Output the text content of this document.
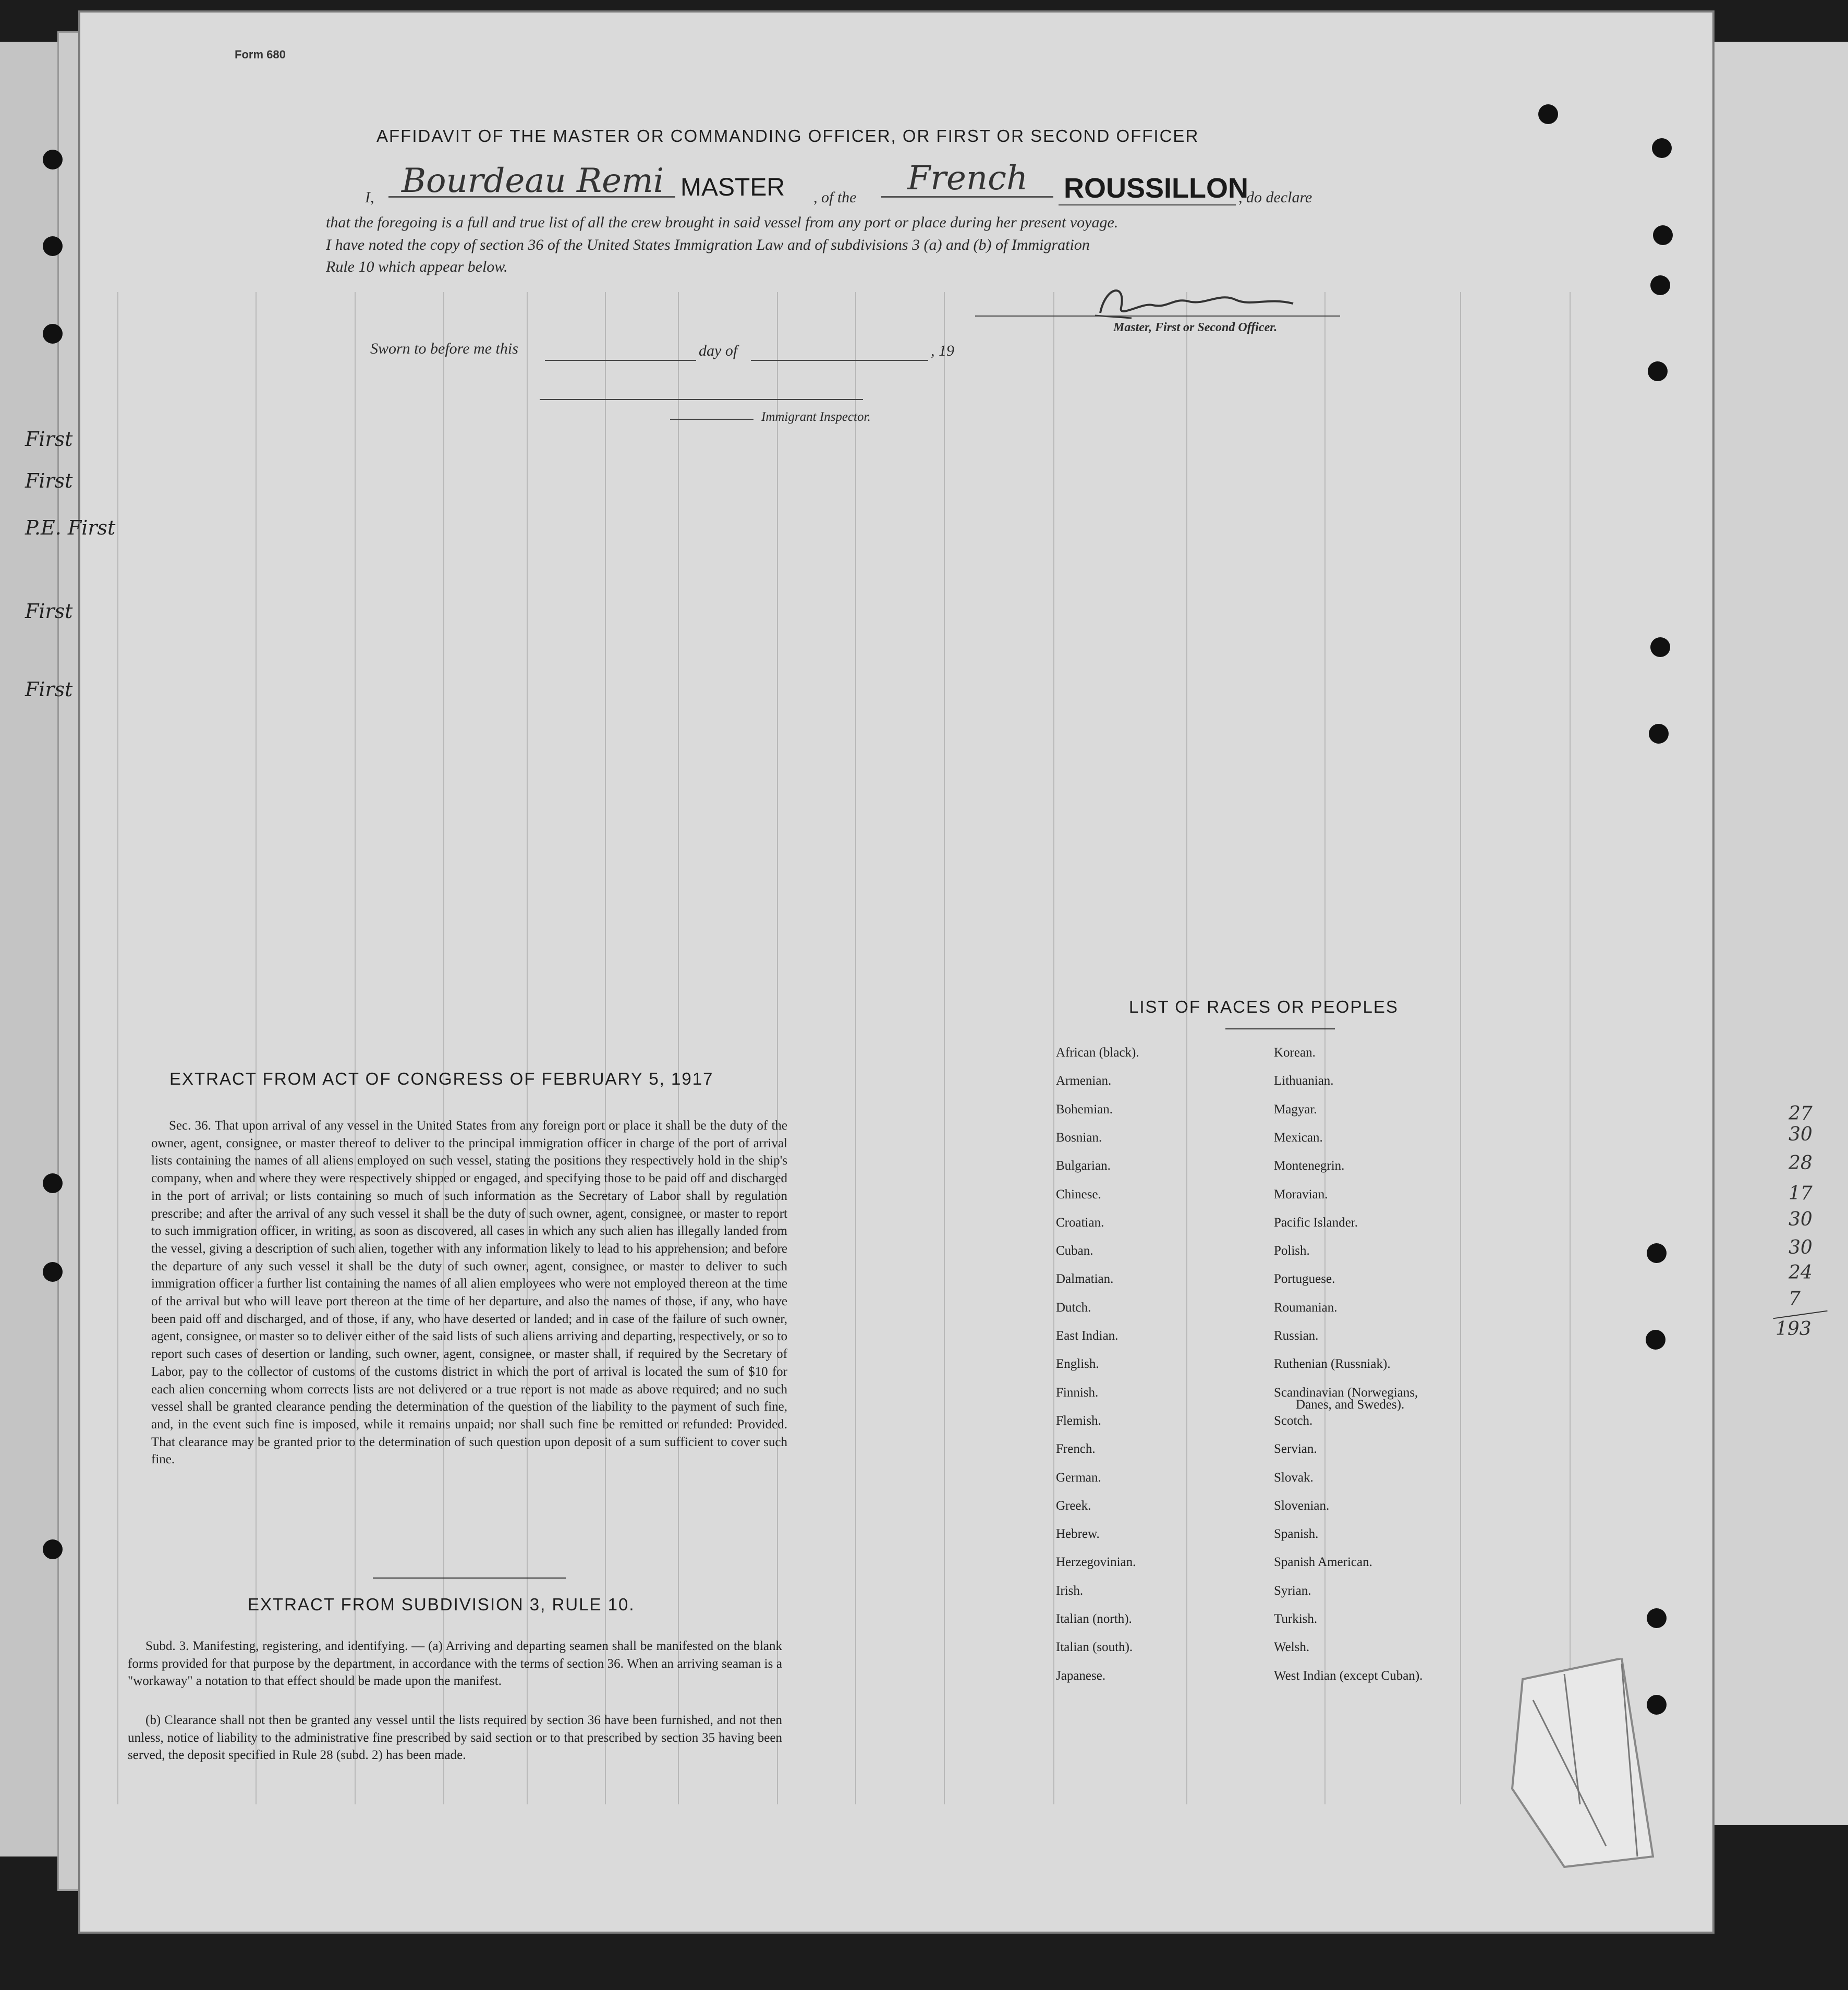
Form 680
AFFIDAVIT OF THE MASTER OR COMMANDING OFFICER, OR FIRST OR SECOND OFFICER
I, Bourdeau Remi MASTER , of the French ROUSSILLON
, do declare
that the foregoing is a full and true list of all the crew brought in said vessel from any port or place during her present voyage.
I have noted the copy of section 36 of the United States Immigration Law and of subdivisions 3 (a) and (b) of Immigration
Rule 10 which appear below.
Master, First or Second Officer.
Sworn to before me this	day of	, 19
Immigrant Inspector.
EXTRACT FROM ACT OF CONGRESS OF FEBRUARY 5, 1917
Sec. 36. That upon arrival of any vessel in the United States from any foreign port or place it shall be the duty of the owner, agent, consignee, or master thereof to deliver to the principal immigration officer in charge of the port of arrival lists containing the names of all aliens employed on such vessel, stating the positions they respectively hold in the ship's company, when and where they were respectively shipped or engaged, and specifying those to be paid off and discharged in the port of arrival; or lists containing so much of such information as the Secretary of Labor shall by regulation prescribe; and after the arrival of any such vessel it shall be the duty of such owner, agent, consignee, or master to report to such immigration officer, in writing, as soon as discovered, all cases in which any such alien has illegally landed from the vessel, giving a description of such alien, together with any information likely to lead to his apprehension; and before the departure of any such vessel it shall be the duty of such owner, agent, consignee, or master to deliver to such immigration officer a further list containing the names of all alien employees who were not employed thereon at the time of the arrival but who will leave port thereon at the time of her departure, and also the names of those, if any, who have been paid off and discharged, and of those, if any, who have deserted or landed; and in case of the failure of such owner, agent, consignee, or master so to deliver either of the said lists of such aliens arriving and departing, respectively, or so to report such cases of desertion or landing, such owner, agent, consignee, or master shall, if required by the Secretary of Labor, pay to the collector of customs of the customs district in which the port of arrival is located the sum of $10 for each alien concerning whom corrects lists are not delivered or a true report is not made as above required; and no such vessel shall be granted clearance pending the determination of the question of the liability to the payment of such fine, and, in the event such fine is imposed, while it remains unpaid; nor shall such fine be remitted or refunded: Provided. That clearance may be granted prior to the determination of such question upon deposit of a sum sufficient to cover such fine.
EXTRACT FROM SUBDIVISION 3, RULE 10.
Subd. 3. Manifesting, registering, and identifying. — (a) Arriving and departing seamen shall be manifested on the blank forms provided for that purpose by the department, in accordance with the terms of section 36. When an arriving seaman is a "workaway" a notation to that effect should be made upon the manifest.
(b) Clearance shall not then be granted any vessel until the lists required by section 36 have been furnished, and not then unless, notice of liability to the administrative fine prescribed by said section or to that prescribed by section 35 having been served, the deposit specified in Rule 28 (subd. 2) has been made.
LIST OF RACES OR PEOPLES
African (black).
Armenian.
Bohemian.
Bosnian.
Bulgarian.
Chinese.
Croatian.
Cuban.
Dalmatian.
Dutch.
East Indian.
English.
Finnish.
Flemish.
French.
German.
Greek.
Hebrew.
Herzegovinian.
Irish.
Italian (north).
Italian (south).
Japanese.
Korean.
Lithuanian.
Magyar.
Mexican.
Montenegrin.
Moravian.
Pacific Islander.
Polish.
Portuguese.
Roumanian.
Russian.
Ruthenian (Russniak).
Scandinavian (Norwegians,
Scotch.
Servian.
Slovak.
Slovenian.
Spanish.
Spanish American.
Syrian.
Turkish.
Welsh.
West Indian (except Cuban).
Danes, and Swedes).
First
First
P.E. First
First
First
27
30
28
17
30
30
24
7
193
